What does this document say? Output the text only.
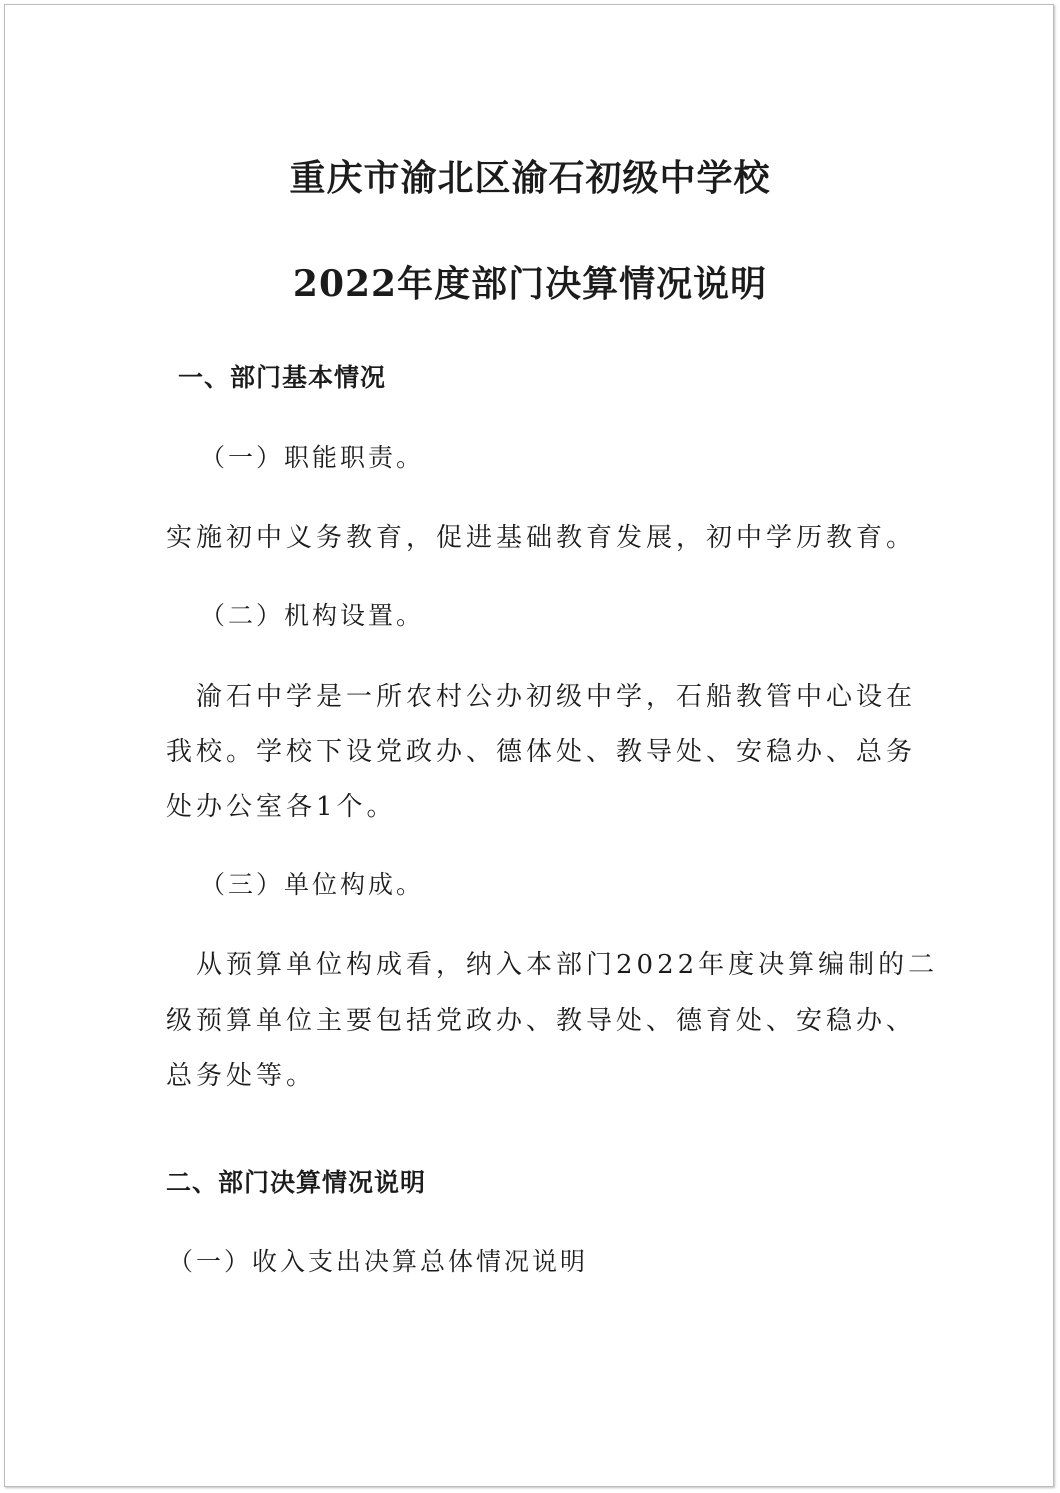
重庆市渝北区渝石初级中学校
2022年度部门决算情况说明
一、部门基本情况
（一）职能职责。

实施初中义务教育，促进基础教育发展，初中学历教育。

（二）机构设置。

渝石中学是一所农村公办初级中学，石船教管中心设在

我校。学校下设党政办、德体处、教导处、安稳办、总务

处办公室各1个。

（三）单位构成。

从预算单位构成看，纳入本部门2022年度决算编制的二

级预算单位主要包括党政办、教导处、德育处、安稳办、

总务处等。

二、部门决算情况说明
（一）收入支出决算总体情况说明
